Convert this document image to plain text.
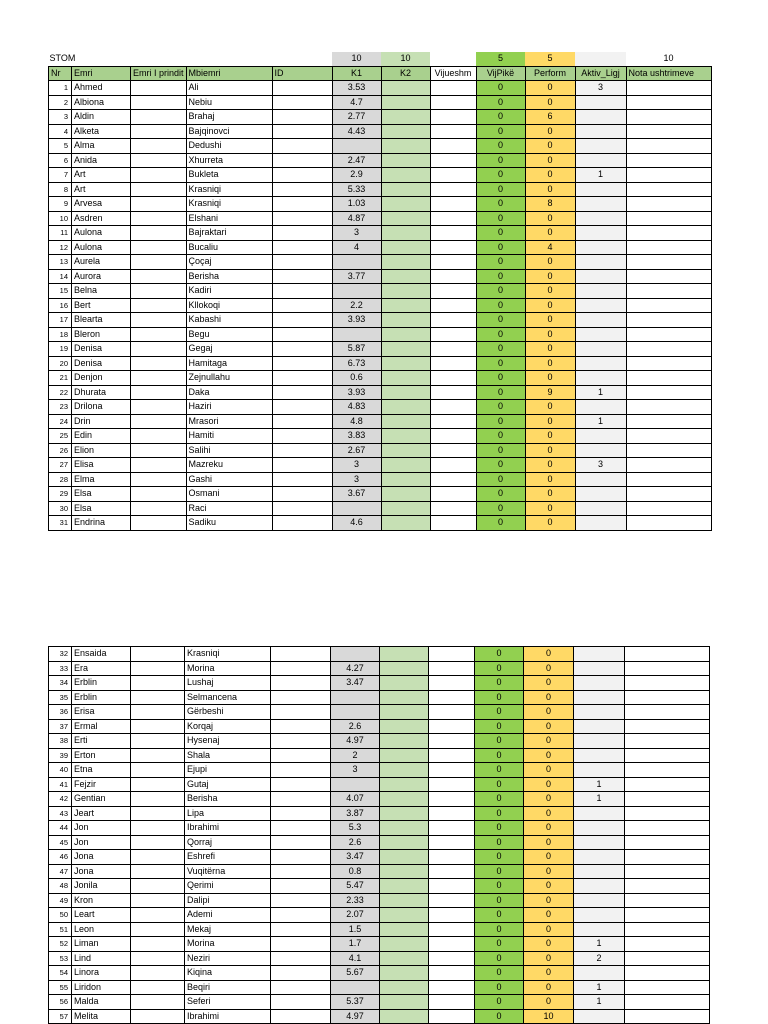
STOM					10	10		5	5		10
Nr	Emri	Emri I prindit	Mbiemri	ID	K1	K2	Vijueshm	VijPikë	Perform	Aktiv_Ligj	Nota ushtrimeve
1	Ahmed		Ali		3.53			0	0	3	
2	Albiona		Nebiu		4.7			0	0		
3	Aldin		Brahaj		2.77			0	6		
4	Alketa		Bajqinovci		4.43			0	0		
5	Alma		Dedushi					0	0		
6	Anida		Xhurreta		2.47			0	0		
7	Art		Bukleta		2.9			0	0	1	
8	Art		Krasniqi		5.33			0	0		
9	Arvesa		Krasniqi		1.03			0	8		
10	Asdren		Elshani		4.87			0	0		
11	Aulona		Bajraktari		3			0	0		
12	Aulona		Bucaliu		4			0	4		
13	Aurela		Çoçaj					0	0		
14	Aurora		Berisha		3.77			0	0		
15	Belna		Kadiri					0	0		
16	Bert		Kllokoqi		2.2			0	0		
17	Blearta		Kabashi		3.93			0	0		
18	Bleron		Begu					0	0		
19	Denisa		Gegaj		5.87			0	0		
20	Denisa		Hamitaga		6.73			0	0		
21	Denjon		Zejnullahu		0.6			0	0		
22	Dhurata		Daka		3.93			0	9	1	
23	Drilona		Haziri		4.83			0	0		
24	Drin		Mrasori		4.8			0	0	1	
25	Edin		Hamiti		3.83			0	0		
26	Elion		Salihi		2.67			0	0		
27	Elisa		Mazreku		3			0	0	3	
28	Elma		Gashi		3			0	0		
29	Elsa		Osmani		3.67			0	0		
30	Elsa		Raci					0	0		
31	Endrina		Sadiku		4.6			0	0		
32	Ensaida		Krasniqi					0	0		
33	Era		Morina		4.27			0	0		
34	Erblin		Lushaj		3.47			0	0		
35	Erblin		Selmancena					0	0		
36	Erisa		Gërbeshi					0	0		
37	Ermal		Korqaj		2.6			0	0		
38	Erti		Hysenaj		4.97			0	0		
39	Erton		Shala		2			0	0		
40	Etna		Ejupi		3			0	0		
41	Fejzir		Gutaj					0	0	1	
42	Gentian		Berisha		4.07			0	0	1	
43	Jeart		Lipa		3.87			0	0		
44	Jon		Ibrahimi		5.3			0	0		
45	Jon		Qorraj		2.6			0	0		
46	Jona		Eshrefi		3.47			0	0		
47	Jona		Vuqitërna		0.8			0	0		
48	Jonila		Qerimi		5.47			0	0		
49	Kron		Dalipi		2.33			0	0		
50	Leart		Ademi		2.07			0	0		
51	Leon		Mekaj		1.5			0	0		
52	Liman		Morina		1.7			0	0	1	
53	Lind		Neziri		4.1			0	0	2	
54	Linora		Kiqina		5.67			0	0		
55	Liridon		Beqiri					0	0	1	
56	Malda		Seferi		5.37			0	0	1	
57	Melita		Ibrahimi		4.97			0	10		
